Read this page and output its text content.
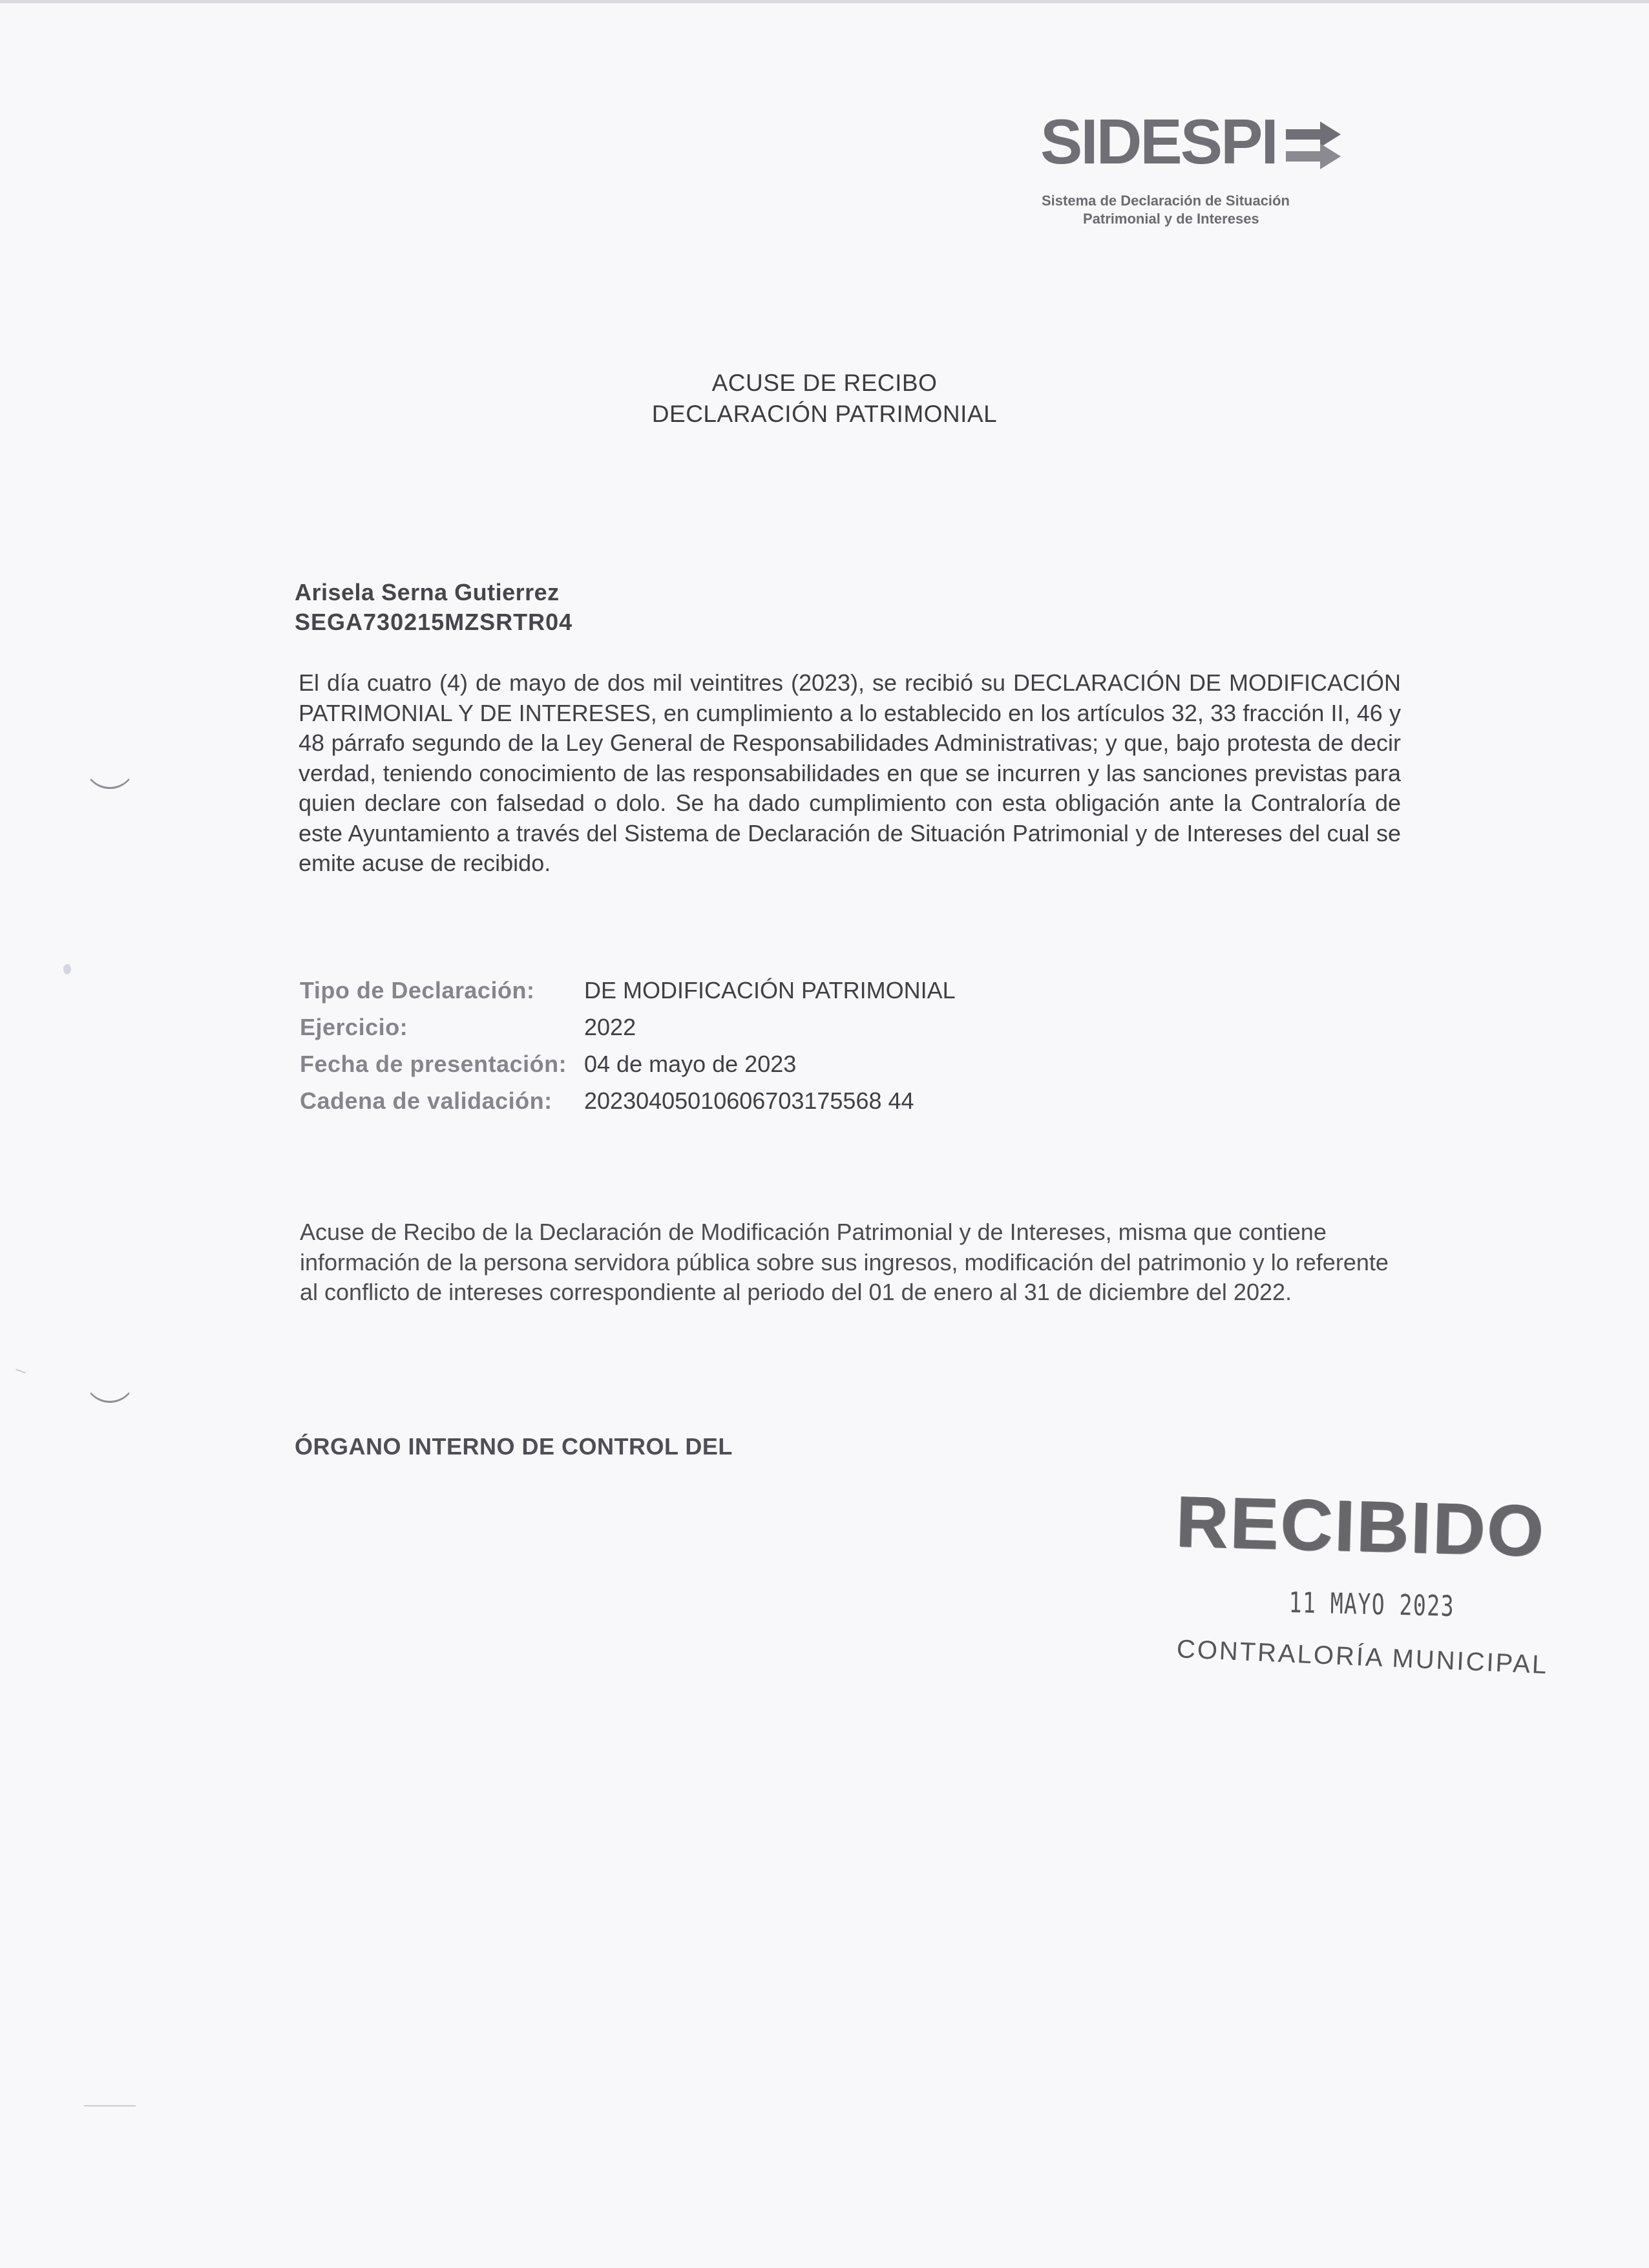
SIDESPI
Sistema de Declaración de Situación
Patrimonial y de Intereses
ACUSE DE RECIBO
DECLARACIÓN PATRIMONIAL
Arisela Serna Gutierrez
SEGA730215MZSRTR04
El día cuatro (4) de mayo de dos mil veintitres (2023), se recibió su DECLARACIÓN DE MODIFICACIÓN PATRIMONIAL Y DE INTERESES, en cumplimiento a lo establecido en los artículos 32, 33 fracción II, 46 y 48 párrafo segundo de la Ley General de Responsabilidades Administrativas; y que, bajo protesta de decir verdad, teniendo conocimiento de las responsabilidades en que se incurren y las sanciones previstas para quien declare con falsedad o dolo. Se ha dado cumplimiento con esta obligación ante la Contraloría de este Ayuntamiento a través del Sistema de Declaración de Situación Patrimonial y de Intereses del cual se emite acuse de recibido.
Tipo de Declaración: DE MODIFICACIÓN PATRIMONIAL
Ejercicio:	2022
Fecha de presentación: 04 de mayo de 2023
Cadena de validación: 20230405010606703175568 44
Acuse de Recibo de la Declaración de Modificación Patrimonial y de Intereses, misma que contiene información de la persona servidora pública sobre sus ingresos, modificación del patrimonio y lo referente al conflicto de intereses correspondiente al periodo del 01 de enero al 31 de diciembre del 2022.
ÓRGANO INTERNO DE CONTROL DEL
RECIBIDO
11 MAYO 2023
CONTRALORÍA MUNICIPAL
